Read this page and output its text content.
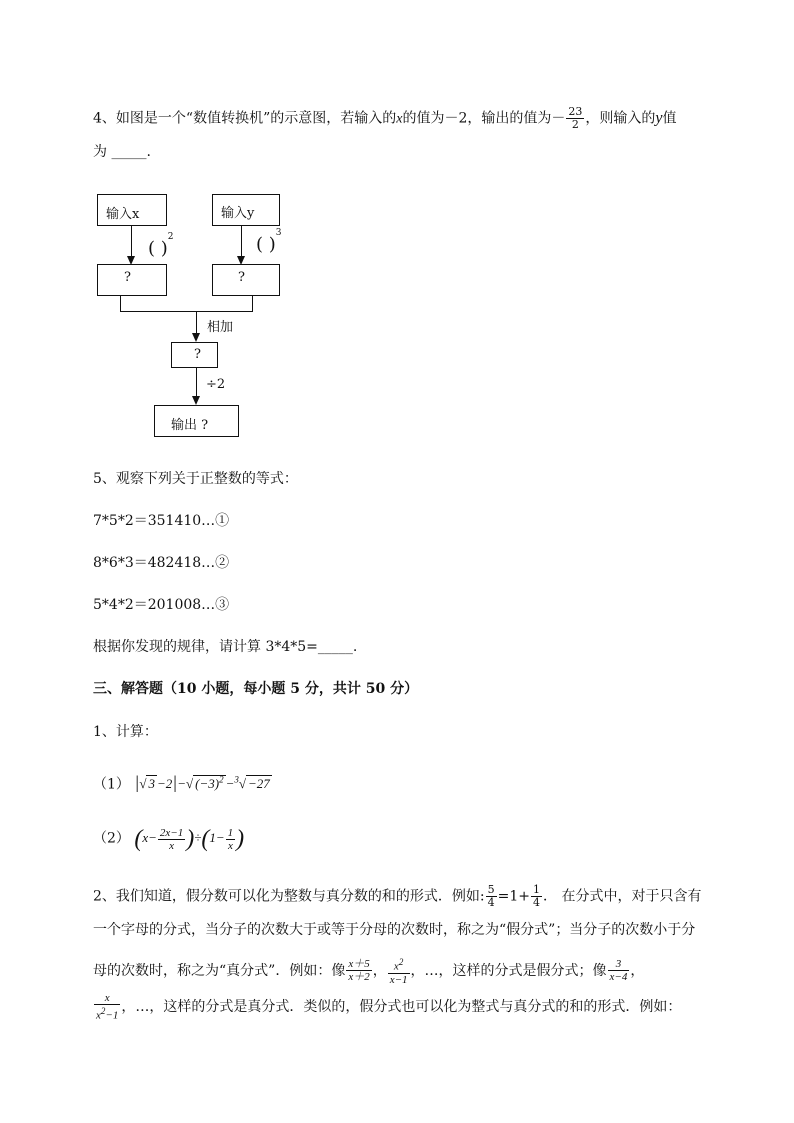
4、如图是一个“数值转换机”的示意图，若输入的x的值为－2，输出的值为－ $\frac{23}{2}$ ，则输入的y值
为 _____.
输入x	输入y
( )$^2$	( )$^3$
?	?
相加
?
÷2
输出 ?
5、观察下列关于正整数的等式：
7*5*2＝351410…①
8*6*3＝482418…②
5*4*2＝201008…③
根据你发现的规律，请计算 3*4*5=_____.
三、解答题（10 小题，每小题 5 分，共计 50 分）
1、计算：
（1） |√ 3 −2|−√ $(-3)^2 -^3√ -27$
（2） $(x- \frac{2x-1}{x} )\div(1- \frac{1}{x}$ )
2、我们知道，假分数可以化为整数与真分数的和的形式．例如: $\frac{5}{4} =1+ \frac{1}{4}$ ． 在分式中，对于只含有
一个字母的分式，当分子的次数大于或等于分母的次数时，称之为“假分式”；当分子的次数小于分
母的次数时，称之为“真分式”．例如：像 $\frac{x+5}{x+2}$ ， $\frac{x^2}{x-1}$ ，…，这样的分式是假分式；像 $\frac{3}{x-4}$ ，
$\frac{x}{x^2-1}$ ，…，这样的分式是真分式．类似的，假分式也可以化为整式与真分式的和的形式．例如：
